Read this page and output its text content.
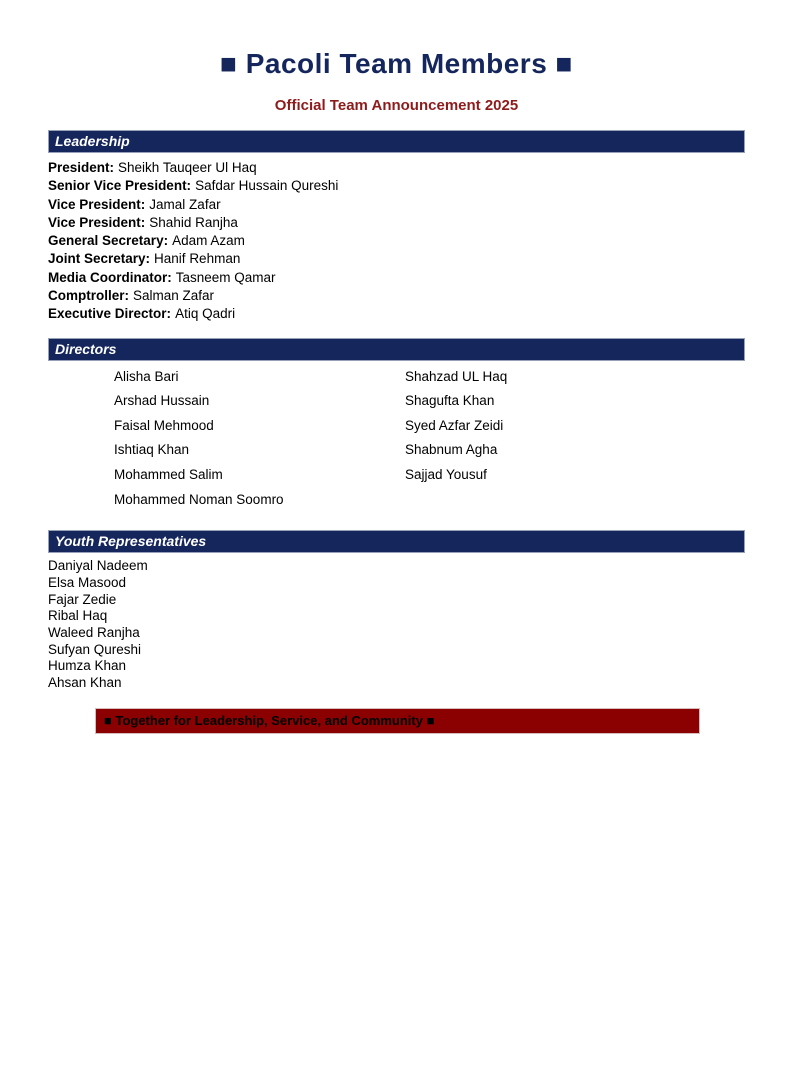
■ Pacoli Team Members ■
Official Team Announcement 2025
Leadership
President: Sheikh Tauqeer Ul Haq
Senior Vice President: Safdar Hussain Qureshi
Vice President: Jamal Zafar
Vice President: Shahid Ranjha
General Secretary: Adam Azam
Joint Secretary: Hanif Rehman
Media Coordinator: Tasneem Qamar
Comptroller: Salman Zafar
Executive Director: Atiq Qadri
Directors
Alisha Bari
Arshad Hussain
Faisal Mehmood
Ishtiaq Khan
Mohammed Salim
Mohammed Noman Soomro
Shahzad UL Haq
Shagufta Khan
Syed Azfar Zeidi
Shabnum Agha
Sajjad Yousuf
Youth Representatives
Daniyal Nadeem
Elsa Masood
Fajar Zedie
Ribal Haq
Waleed Ranjha
Sufyan Qureshi
Humza Khan
Ahsan Khan
■ Together for Leadership, Service, and Community ■
